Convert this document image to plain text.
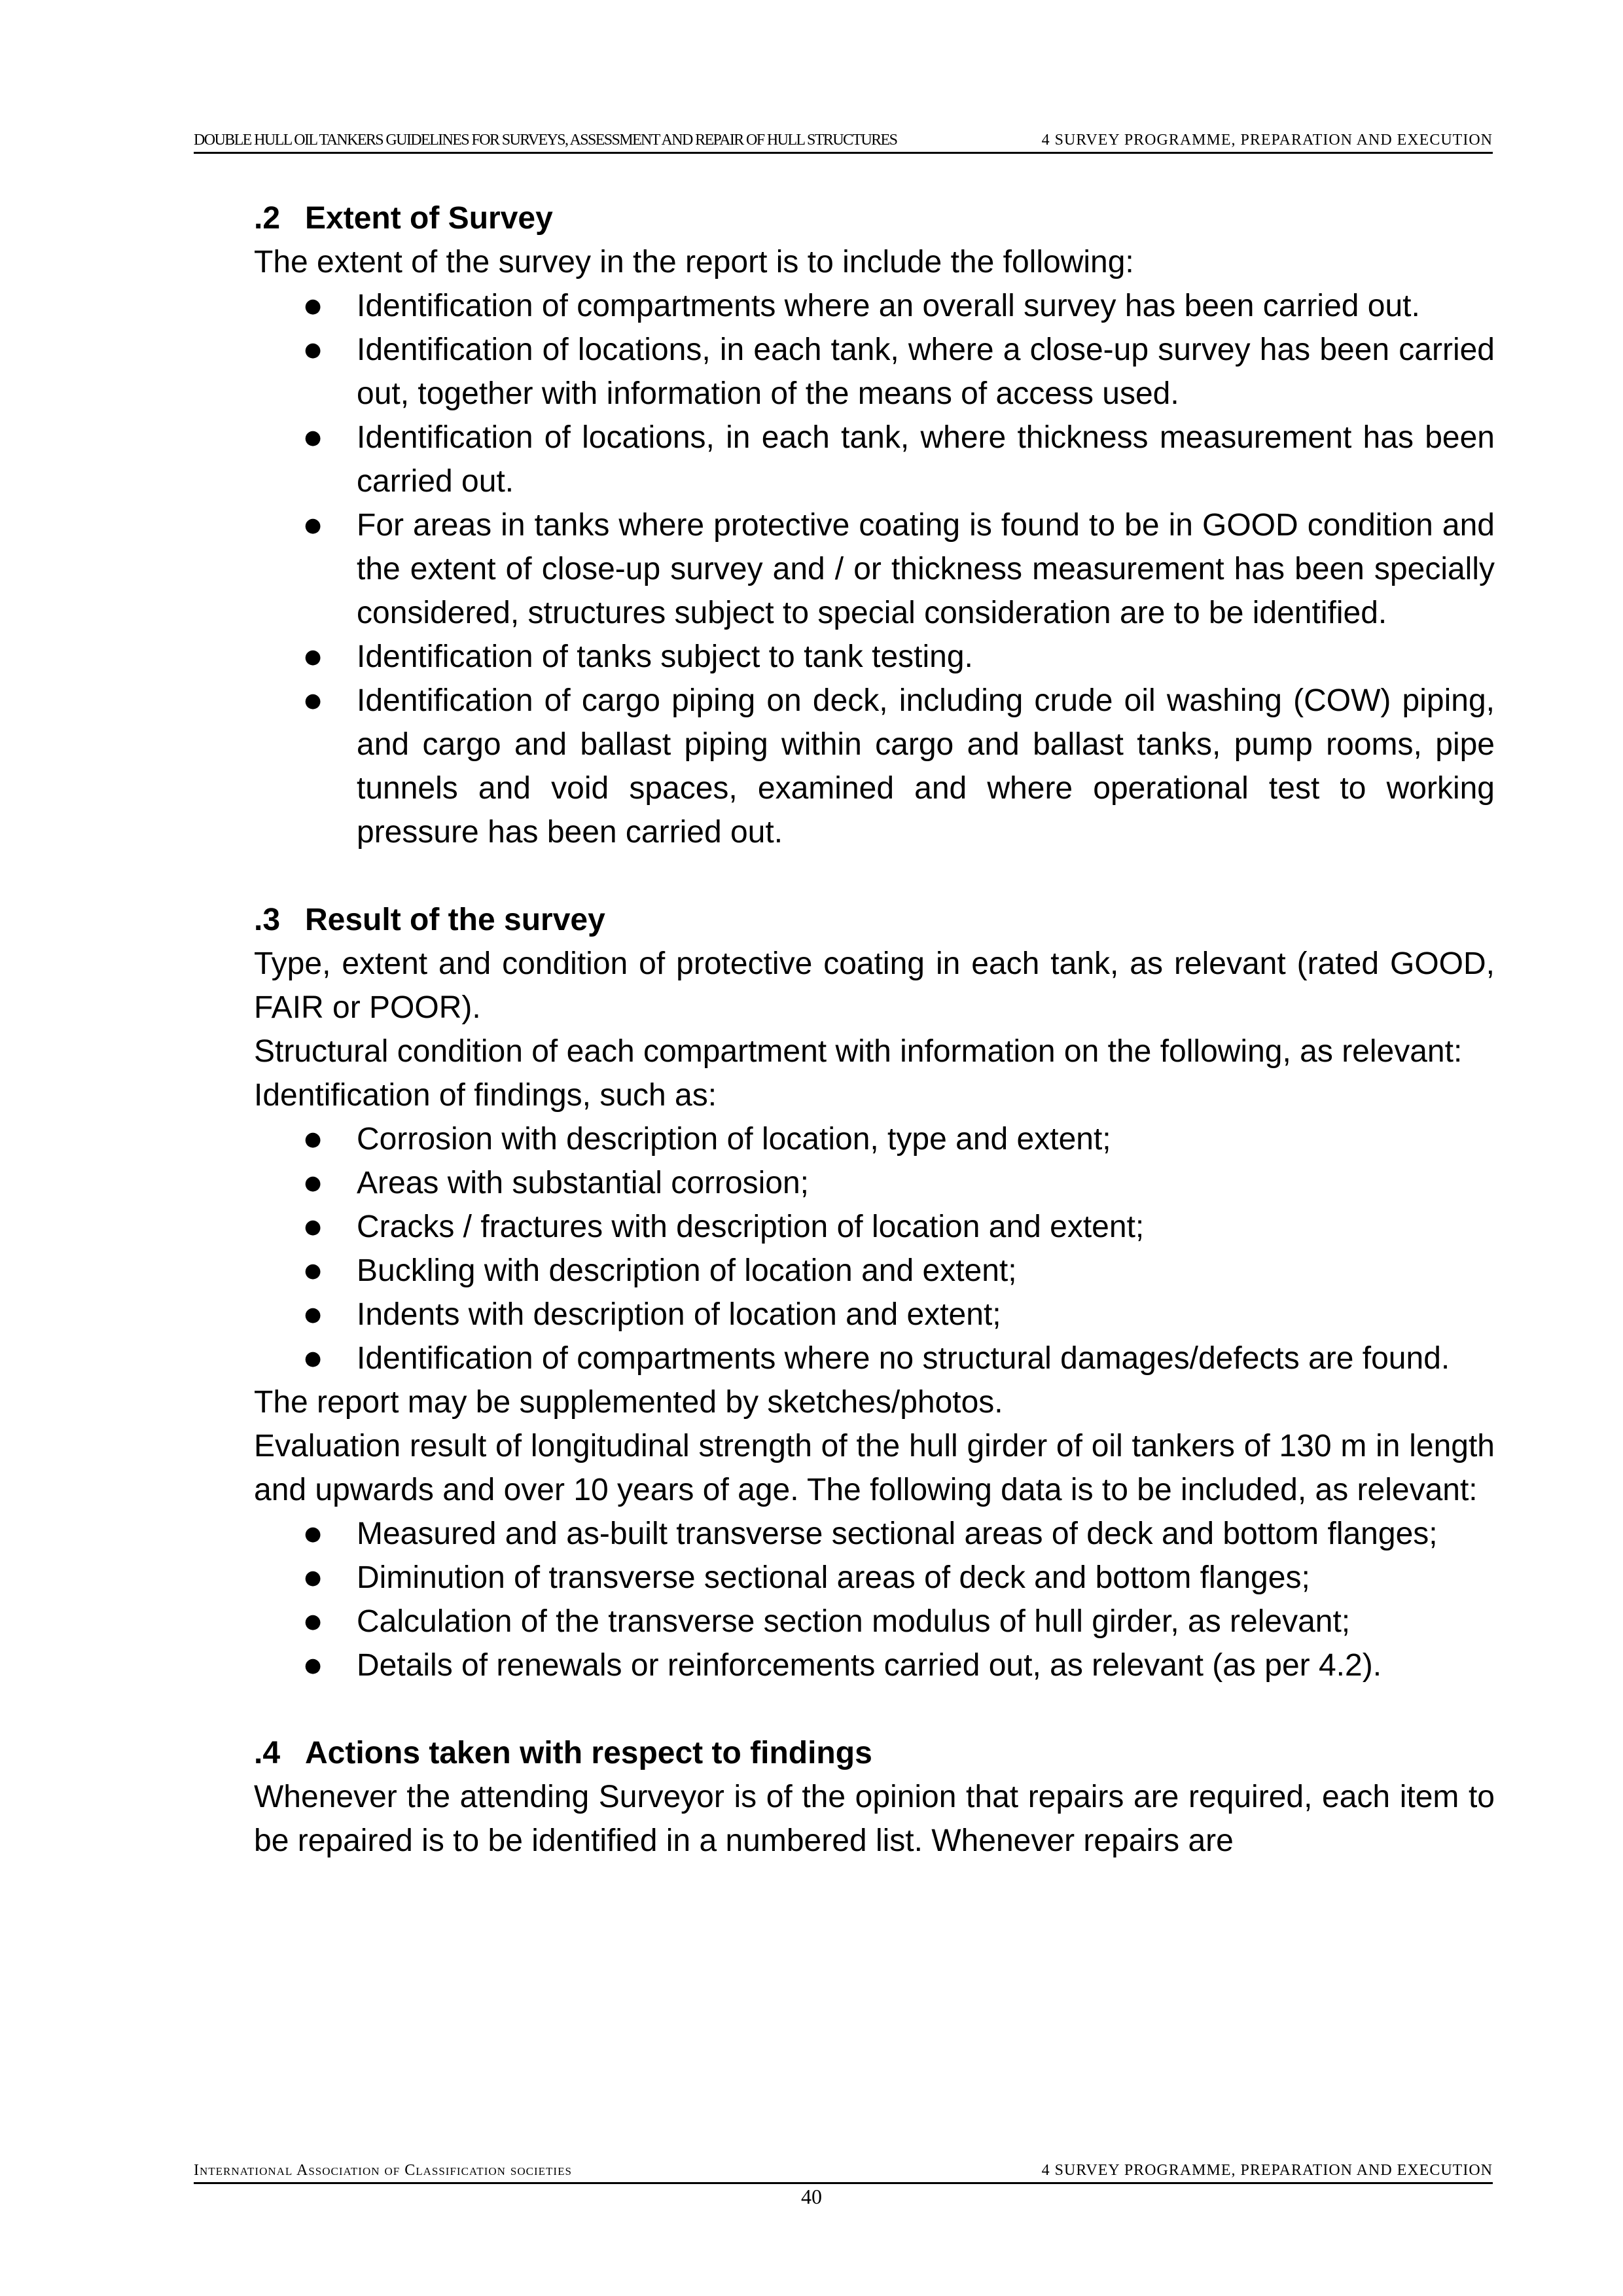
DOUBLE HULL OIL TANKERS GUIDELINES FOR SURVEYS, ASSESSMENT AND REPAIR OF HULL STRUCTURES	4 SURVEY PROGRAMME, PREPARATION AND EXECUTION
.2 Extent of Survey

The extent of the survey in the report is to include the following:

● Identification of compartments where an overall survey has been carried out.
● Identification of locations, in each tank, where a close-up survey has been carried out, together with information of the means of access used.
● Identification of locations, in each tank, where thickness measurement has been carried out.
● For areas in tanks where protective coating is found to be in GOOD condition and the extent of close-up survey and / or thickness measurement has been specially considered, structures subject to special consideration are to be identified.
● Identification of tanks subject to tank testing.
● Identification of cargo piping on deck, including crude oil washing (COW) piping, and cargo and ballast piping within cargo and ballast tanks, pump rooms, pipe tunnels and void spaces, examined and where operational test to working pressure has been carried out.
.3 Result of the survey

Type, extent and condition of protective coating in each tank, as relevant (rated GOOD, FAIR or POOR).

Structural condition of each compartment with information on the following, as relevant:

Identification of findings, such as:

● Corrosion with description of location, type and extent;
● Areas with substantial corrosion;
● Cracks / fractures with description of location and extent;
● Buckling with description of location and extent;
● Indents with description of location and extent;
● Identification of compartments where no structural damages/defects are found.

The report may be supplemented by sketches/photos.

Evaluation result of longitudinal strength of the hull girder of oil tankers of 130 m in length and upwards and over 10 years of age. The following data is to be included, as relevant:

● Measured and as-built transverse sectional areas of deck and bottom flanges;
● Diminution of transverse sectional areas of deck and bottom flanges;
● Calculation of the transverse section modulus of hull girder, as relevant;
● Details of renewals or reinforcements carried out, as relevant (as per 4.2).
.4 Actions taken with respect to findings

Whenever the attending Surveyor is of the opinion that repairs are required, each item to be repaired is to be identified in a numbered list. Whenever repairs are

International Association of Classification societies	4 SURVEY PROGRAMME, PREPARATION AND EXECUTION
40
